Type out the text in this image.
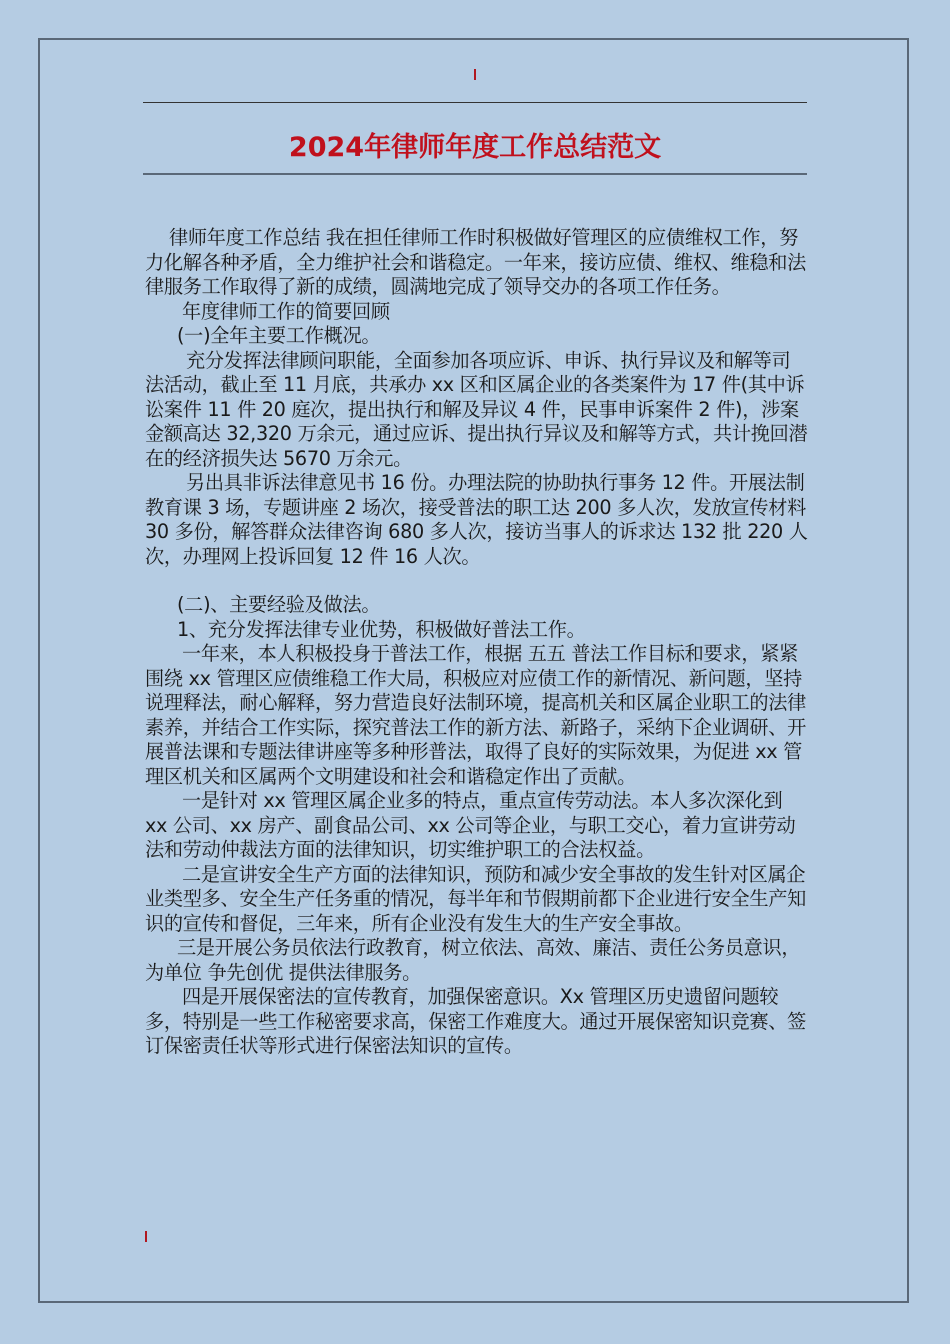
2024年律师年度工作总结范文

律师年度工作总结 我在担任律师工作时积极做好管理区的应债维权工作，努力化解各种矛盾，全力维护社会和谐稳定。一年来，接访应债、维权、维稳和法律服务工作取得了新的成绩，圆满地完成了领导交办的各项工作任务。

年度律师工作的简要回顾

(一)全年主要工作概况。

充分发挥法律顾问职能，全面参加各项应诉、申诉、执行异议及和解等司法活动，截止至 11 月底，共承办 xx 区和区属企业的各类案件为 17 件(其中诉讼案件 11 件 20 庭次，提出执行和解及异议 4 件，民事申诉案件 2 件)，涉案金额高达 32,320 万余元，通过应诉、提出执行异议及和解等方式，共计挽回潜在的经济损失达 5670 万余元。

另出具非诉法律意见书 16 份。办理法院的协助执行事务 12 件。开展法制教育课 3 场，专题讲座 2 场次，接受普法的职工达 200 多人次，发放宣传材料 30 多份，解答群众法律咨询 680 多人次，接访当事人的诉求达 132 批 220 人次，办理网上投诉回复 12 件 16 人次。

(二)、主要经验及做法。

1、充分发挥法律专业优势，积极做好普法工作。

一年来，本人积极投身于普法工作，根据 五五 普法工作目标和要求，紧紧围绕 xx 管理区应债维稳工作大局，积极应对应债工作的新情况、新问题，坚持说理释法，耐心解释，努力营造良好法制环境，提高机关和区属企业职工的法律素养，并结合工作实际，探究普法工作的新方法、新路子，采纳下企业调研、开展普法课和专题法律讲座等多种形普法，取得了良好的实际效果，为促进 xx 管理区机关和区属两个文明建设和社会和谐稳定作出了贡献。

一是针对 xx 管理区属企业多的特点，重点宣传劳动法。本人多次深化到 xx 公司、xx 房产、副食品公司、xx 公司等企业，与职工交心，着力宣讲劳动法和劳动仲裁法方面的法律知识，切实维护职工的合法权益。

二是宣讲安全生产方面的法律知识，预防和减少安全事故的发生针对区属企业类型多、安全生产任务重的情况，每半年和节假期前都下企业进行安全生产知识的宣传和督促，三年来，所有企业没有发生大的生产安全事故。

三是开展公务员依法行政教育，树立依法、高效、廉洁、责任公务员意识，为单位 争先创优 提供法律服务。

四是开展保密法的宣传教育，加强保密意识。Xx 管理区历史遗留问题较多，特别是一些工作秘密要求高，保密工作难度大。通过开展保密知识竞赛、签订保密责任状等形式进行保密法知识的宣传。
